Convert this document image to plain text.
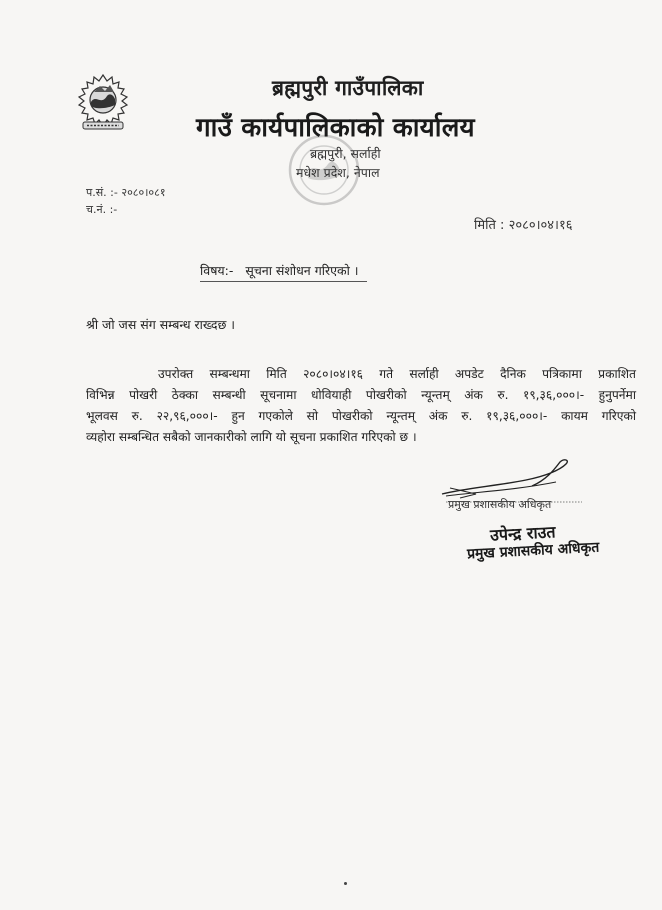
ब्रह्मपुरी गाउँपालिका
गाउँ कार्यपालिकाको कार्यालय
ब्रह्मपुरी, सर्लाही
मधेश प्रदेश, नेपाल
प.सं. :- २०८०।०८१
च.नं. :-
मिति : २०८०।०४।१६
विषय:- सूचना संशोधन गरिएको ।
श्री जो जस संग सम्बन्ध राख्दछ ।
उपरोक्त सम्बन्धमा मिति २०८०।०४।१६ गते सर्लाही अपडेट दैनिक पत्रिकामा प्रकाशित
विभिन्न पोखरी ठेक्का सम्बन्धी सूचनामा धोवियाही पोखरीको न्यून्तम् अंक रु. १९,३६,०००।- हुनुपर्नेमा
भूलवस रु. २२,९६,०००।- हुन गएकोले सो पोखरीको न्यून्तम् अंक रु. १९,३६,०००।- कायम गरिएको
व्यहोरा सम्बन्धित सबैको जानकारीको लागि यो सूचना प्रकाशित गरिएको छ ।
प्रमुख प्रशासकीय अधिकृत
उपेन्द्र राउत
प्रमुख प्रशासकीय अधिकृत
